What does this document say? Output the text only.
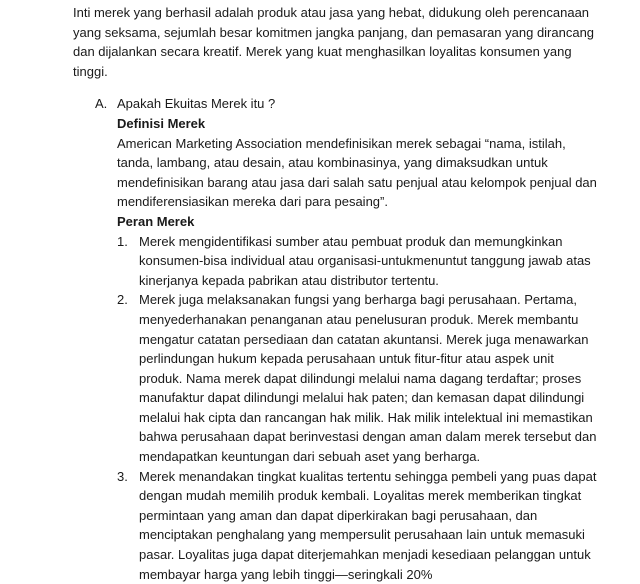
Inti merek yang berhasil adalah produk atau jasa yang hebat, didukung oleh perencanaan yang seksama, sejumlah besar komitmen jangka panjang, dan pemasaran yang dirancang dan dijalankan secara kreatif. Merek yang kuat menghasilkan loyalitas konsumen yang tinggi.

A. Apakah Ekuitas Merek itu ?

Definisi Merek

American Marketing Association mendefinisikan merek sebagai “nama, istilah, tanda, lambang, atau desain, atau kombinasinya, yang dimaksudkan untuk mendefinisikan barang atau jasa dari salah satu penjual atau kelompok penjual dan mendiferensiasikan mereka dari para pesaing”.

Peran Merek

1. Merek mengidentifikasi sumber atau pembuat produk dan memungkinkan konsumen-bisa individual atau organisasi-untukmenuntut tanggung jawab atas kinerjanya kepada pabrikan atau distributor tertentu.
2. Merek juga melaksanakan fungsi yang berharga bagi perusahaan. Pertama, menyederhanakan penanganan atau penelusuran produk. Merek membantu mengatur catatan persediaan dan catatan akuntansi. Merek juga menawarkan perlindungan hukum kepada perusahaan untuk fitur-fitur atau aspek unit produk. Nama merek dapat dilindungi melalui nama dagang terdaftar; proses manufaktur dapat dilindungi melalui hak paten; dan kemasan dapat dilindungi melalui hak cipta dan rancangan hak milik. Hak milik intelektual ini memastikan bahwa perusahaan dapat berinvestasi dengan aman dalam merek tersebut dan mendapatkan keuntungan dari sebuah aset yang berharga.
3. Merek menandakan tingkat kualitas tertentu sehingga pembeli yang puas dapat dengan mudah memilih produk kembali. Loyalitas merek memberikan tingkat permintaan yang aman dan dapat diperkirakan bagi perusahaan, dan menciptakan penghalang yang mempersulit perusahaan lain untuk memasuki pasar. Loyalitas juga dapat diterjemahkan menjadi kesediaan pelanggan untuk membayar harga yang lebih tinggi—seringkali 20%
